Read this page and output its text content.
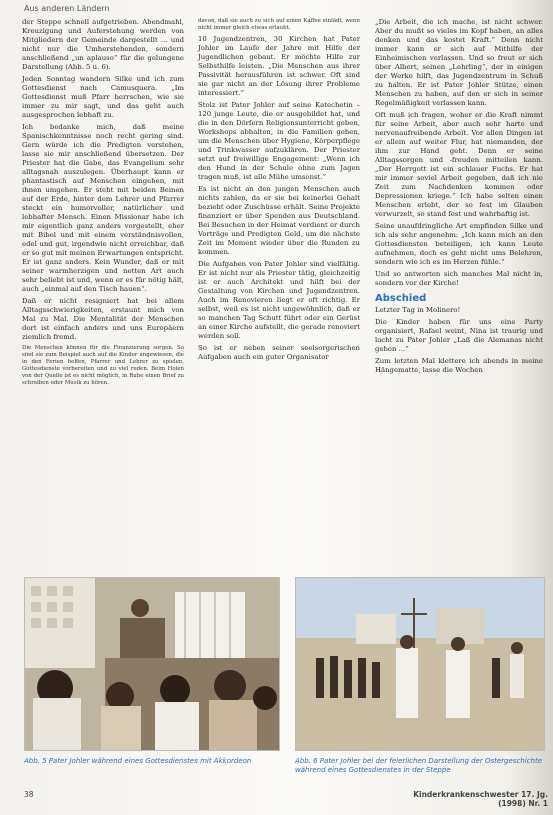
Aus anderen Ländern

der Steppe schnell aufgetrieben. Abendmahl, Kreuzigung und Auferstehung werden von Mitgliedern der Gemeinde dargestellt ... und nicht nur die Umherstehenden, sondern anschließend „un aplauso“ für die gelungene Darstellung (Abb. 5 u. 6).

Jeden Sonntag wandern Silke und ich zum Gottesdienst nach Camusquera. „Im Gottesdienst muß Pfarr herrschen, wie sie immer zu mir sagt, und das geht auch ausgesprochen lebhaft zu.

Ich bedanke mich, daß meine Spanischkenntnisse noch recht gering sind. Gern würde ich die Predigten verstehen, lasse sie mir anschließend übersetzen. Der Priester hat die Gabe, das Evangelium sehr alltagsnah auszulegen. Überhaupt kann er phantastisch auf Menschen eingehen, mit ihnen umgehen. Er steht mit beiden Beinen auf der Erde, hinter dem Lehrer und Pfarrer steckt ein humorvoller, natürlicher und lebhafter Mensch. Einen Missionar habe ich mir eigentlich ganz anders vorgestellt, eher mit Bibel und mit einem verständnisvollen, edel und gut, irgendwie nicht erreichbar, daß er so gut mit meinen Erwartungen entspricht. Er ist ganz anders. Kein Wunder, daß er mit seiner warmherzigen und netten Art auch sehr beliebt ist und, wenn er es für nötig hält, auch „einmal auf den Tisch hauen“.

Daß er nicht resigniert hat bei allem Alltagsschwierigkeiten, erstaunt mich von Mal zu Mal. Die Mentalität der Menschen dort ist einfach anders und uns Europäern ziemlich fremd.

Die Menschen können für die Finanzierung sorgen. So sind sie zum Beispiel auch auf die Kinder angewiesen, die in den Ferien helfen, Pfarrer und Lehrer zu spielen, Gottesdienste vorbereiten und zu viel reden. Beim Holen von der Quelle ist es nicht möglich, in Ruhe einen Brief zu schreiben oder Musik zu hören.

davon, daß sie auch zu sich auf einen Kaffee einlädt, wenn nicht immer gleich etwas erlaubt.

10 Jugendzentren, 30 Kirchen hat Pater Johler im Laufe der Jahre mit Hilfe der Jugendlichen gebaut. Er möchte Hilfe zur Selbsthilfe leisten. „Die Menschen aus ihrer Passivität herausführen ist schwer. Oft sind sie gar nicht an der Lösung ihrer Probleme interessiert.“

Stolz ist Pater Johler auf seine Katechetin – 120 junge Leute, die er ausgebildet hat, und die in den Dörfern Religionsunterricht geben, Workshops abhalten, in die Familien gehen, um die Menschen über Hygiene, Körperpflege und Trinkwasser aufzuklären. Der Priester setzt auf freiwillige Engagement: „Wenn ich den Hund in der Schule ohne zum Jagen tragen muß, ist alle Mühe umsonst.“

Es ist nicht an den jungen Menschen auch nichts zahlen, da er sie bei keinerlei Gehalt bezieht oder Zuschüsse erhält. Seine Projekte finanziert er über Spenden aus Deutschland. Bei Besuchen in der Heimat verdient er durch Vorträge und Predigten Geld, um die nächste Zeit im Moment wieder über die Runden zu kommen.

Die Aufgaben von Pater Johler sind vielfältig. Er ist nicht nur als Priester tätig, gleichzeitig ist er auch Architekt und hilft bei der Gestaltung von Kirchen und Jugendzentren. Auch im Renovieren liegt er oft richtig. Er selbst, weil es ist nicht ungewöhnlich, daß er so manchen Tag Schutt führt oder ein Gerüst an einer Kirche aufstellt, die gerade renoviert werden soll.

So ist er neben seiner seelsorgerischen Aufgaben auch ein guter Organisator

„Die Arbeit, die ich mache, ist nicht schwer. Aber du mußt so vieles im Kopf haben, an alles denken und das kostet Kraft.“ Denn nicht immer kann er sich auf Mithilfe der Einheimischen verlassen. Und so freut er sich über Albert, seinen „Lehrling“, der in einigen der Werke hilft, das Jugendzentrum in Schuß zu halten. Er ist Pater Johler Stütze, einen Menschen zu haben, auf den er sich in seiner Regelmäßigkeit verlassen kann.

Oft muß ich fragen, woher er die Kraft nimmt für seine Arbeit, aber auch sehr harte und nervenaufreibende Arbeit. Vor allen Dingen ist er allein auf weiter Flur, hat niemanden, der ihm zur Hand geht. Denn er seine Alltagssorgen und -freuden mitteilen kann. „Der Herrgott ist ein schlauer Fuchs. Er hat mir immer soviel Arbeit gegeben, daß ich nie Zeit zum Nachdenken kommen oder Depressionen kriege.“ Ich habe selten einen Menschen erlebt, der so fest im Glauben verwurzelt, so stand fest und wahrhaftig ist.

Seine unaufdringliche Art empfinden Silke und ich als sehr angenehm: „Ich kann mich an den Gottesdiensten beteiligen, ich kann Leute aufnehmen, doch es geht nicht ums Belehren, sondern wie ich es im Herzen fühle.“

Und so antworten sich manches Mal nicht in, sondern vor der Kirche!

Abschied

Letzter Tag in Molinero!

Die Kinder haben für uns eine Party organisiert, Rafael weint, Nina ist traurig und lacht zu Pater Johler „Laß die Alemanas nicht gehen ...“

Zum letzten Mal klettere ich abends in meine Hängematte, lasse die Wochen

Abb. 5 Pater Johler während eines Gottesdienstes mit Akkordeon	Abb. 6 Pater Johler bei der feierlichen Darstellung der Ostergeschichte während eines Gottesdienstes in der Steppe
38	Kinderkrankenschwester 17. Jg. (1998) Nr. 1
